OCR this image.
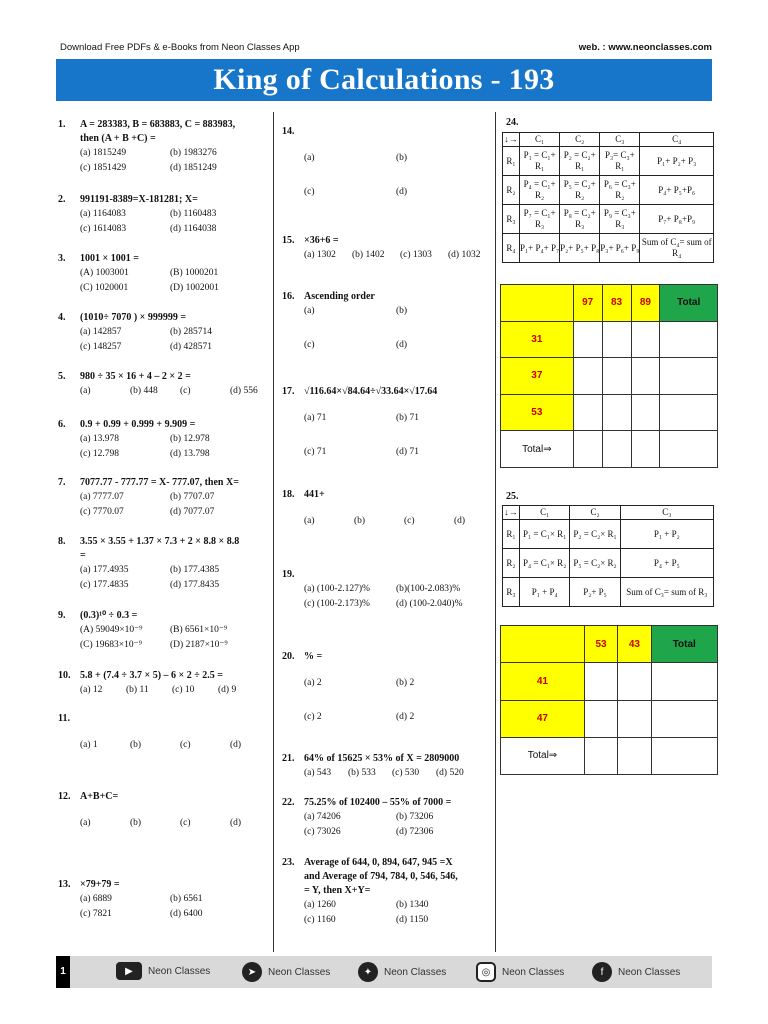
Download Free PDFs & e-Books from Neon Classes App	web. : www.neonclasses.com
King of Calculations - 193
1. A = 283383, B = 683883, C = 883983,
then (A + B +C) =
(a) 1815249	(b) 1983276
(c) 1851429	(d) 1851249
2. 991191-8389=X-181281; X=
(a) 1164083	(b) 1160483
(c) 1614083	(d) 1164038
3. 1001 × 1001 =
(A) 1003001	(B) 1000201
(C) 1020001	(D) 1002001
4. (1010÷ 7070 ) × 999999 =
(a) 142857	(b) 285714
(c) 148257	(d) 428571
5. 980 ÷ 35 × 16 + 4 – 2 × 2 =
(a)	(b) 448 (c)	(d) 556
6. 0.9 + 0.99 + 0.999 + 9.909 =
(a) 13.978	(b) 12.978
(c) 12.798	(d) 13.798
7. 7077.77 - 777.77 = X- 777.07, then X=
(a) 7777.07	(b) 7707.07
(c) 7770.07	(d) 7077.07
8. 3.55 × 3.55 + 1.37 × 7.3 + 2 × 8.8 × 8.8
=
(a) 177.4935	(b) 177.4385
(c) 177.4835	(d) 177.8435
9. (0.3)¹⁰ ÷ 0.3 =
(A) 59049×10⁻⁹	(B) 6561×10⁻⁹
(C) 19683×10⁻⁹	(D) 2187×10⁻⁹
10. 5.8 + (7.4 ÷ 3.7 × 5) – 6 × 2 ÷ 2.5 =
(a) 12 (b) 11 (c) 10 (d) 9
11.
(a) 1	(b)	(c)	(d)
12. A+B+C=
(a)	(b)	(c)	(d)
13. ×79+79 =
(a) 6889	(b) 6561
(c) 7821	(d) 6400
14.
(a)	(b)
(c)	(d)
15. ×36+6 =
(a) 1302 (b) 1402 (c) 1303 (d) 1032
16. Ascending order
(a)	(b)
(c)	(d)
17. √116.64×√84.64÷√33.64×√17.64
(a) 71	(b) 71
(c) 71	(d) 71
18. 441+
(a)	(b)	(c)	(d)
19.
(a) (100-2.127)%	(b)(100-2.083)%
(c) (100-2.173)%	(d) (100-2.040)%
20. % =
(a) 2	(b) 2
(c) 2	(d) 2
21. 64% of 15625 × 53% of X = 2809000
(a) 543 (b) 533 (c) 530 (d) 520
22. 75.25% of 102400 – 55% of 7000 =
(a) 74206	(b) 73206
(c) 73026	(d) 72306
23. Average of 644, 0, 894, 647, 945 =X
and Average of 794, 784, 0, 546, 546,
= Y, then X+Y=
(a) 1260	(b) 1340
(c) 1160	(d) 1150
24.
↓→	C₁	C₂	C₃	C₄
R₁	P₁ = C₁+ R₁	P₂ = C₂+ R₁	P₃= C₃+ R₁	P₁+ P₂+ P₃
R₂	P₄ = C₁+ R₂	P₅ = C₂+ R₂	P₆ = C₃+ R₂	P₄+ P₅+P₆
R₃	P₇ = C₁+ R₃	P₈ = C₂+ R₃	P₉ = C₃+ R₃	P₇+ P₈+P₉
R₄	P₁+ P₄+ P₇	P₂+ P₅+ P₈	P₃+ P₆+ P₉	Sum of C₄= sum of R₄
	97	83	89	Total
31				
37				
53				
Total⇒				
25.
↓→	C₁	C₂	C₃
R₁	P₁ = C₁× R₁	P₂ = C₂× R₁	P₁ + P₂
R₂	P₄ = C₁× R₂	P₅ = C₂× R₂	P₄ + P₅
R₃	P₁ + P₄	P₂+ P₅	Sum of C₃= sum of R₃
	53	43	Total
41			
47			
Total⇒			
1	▶	Neon Classes	➤	Neon Classes	✦	Neon Classes	◎	Neon Classes	f	Neon Classes
